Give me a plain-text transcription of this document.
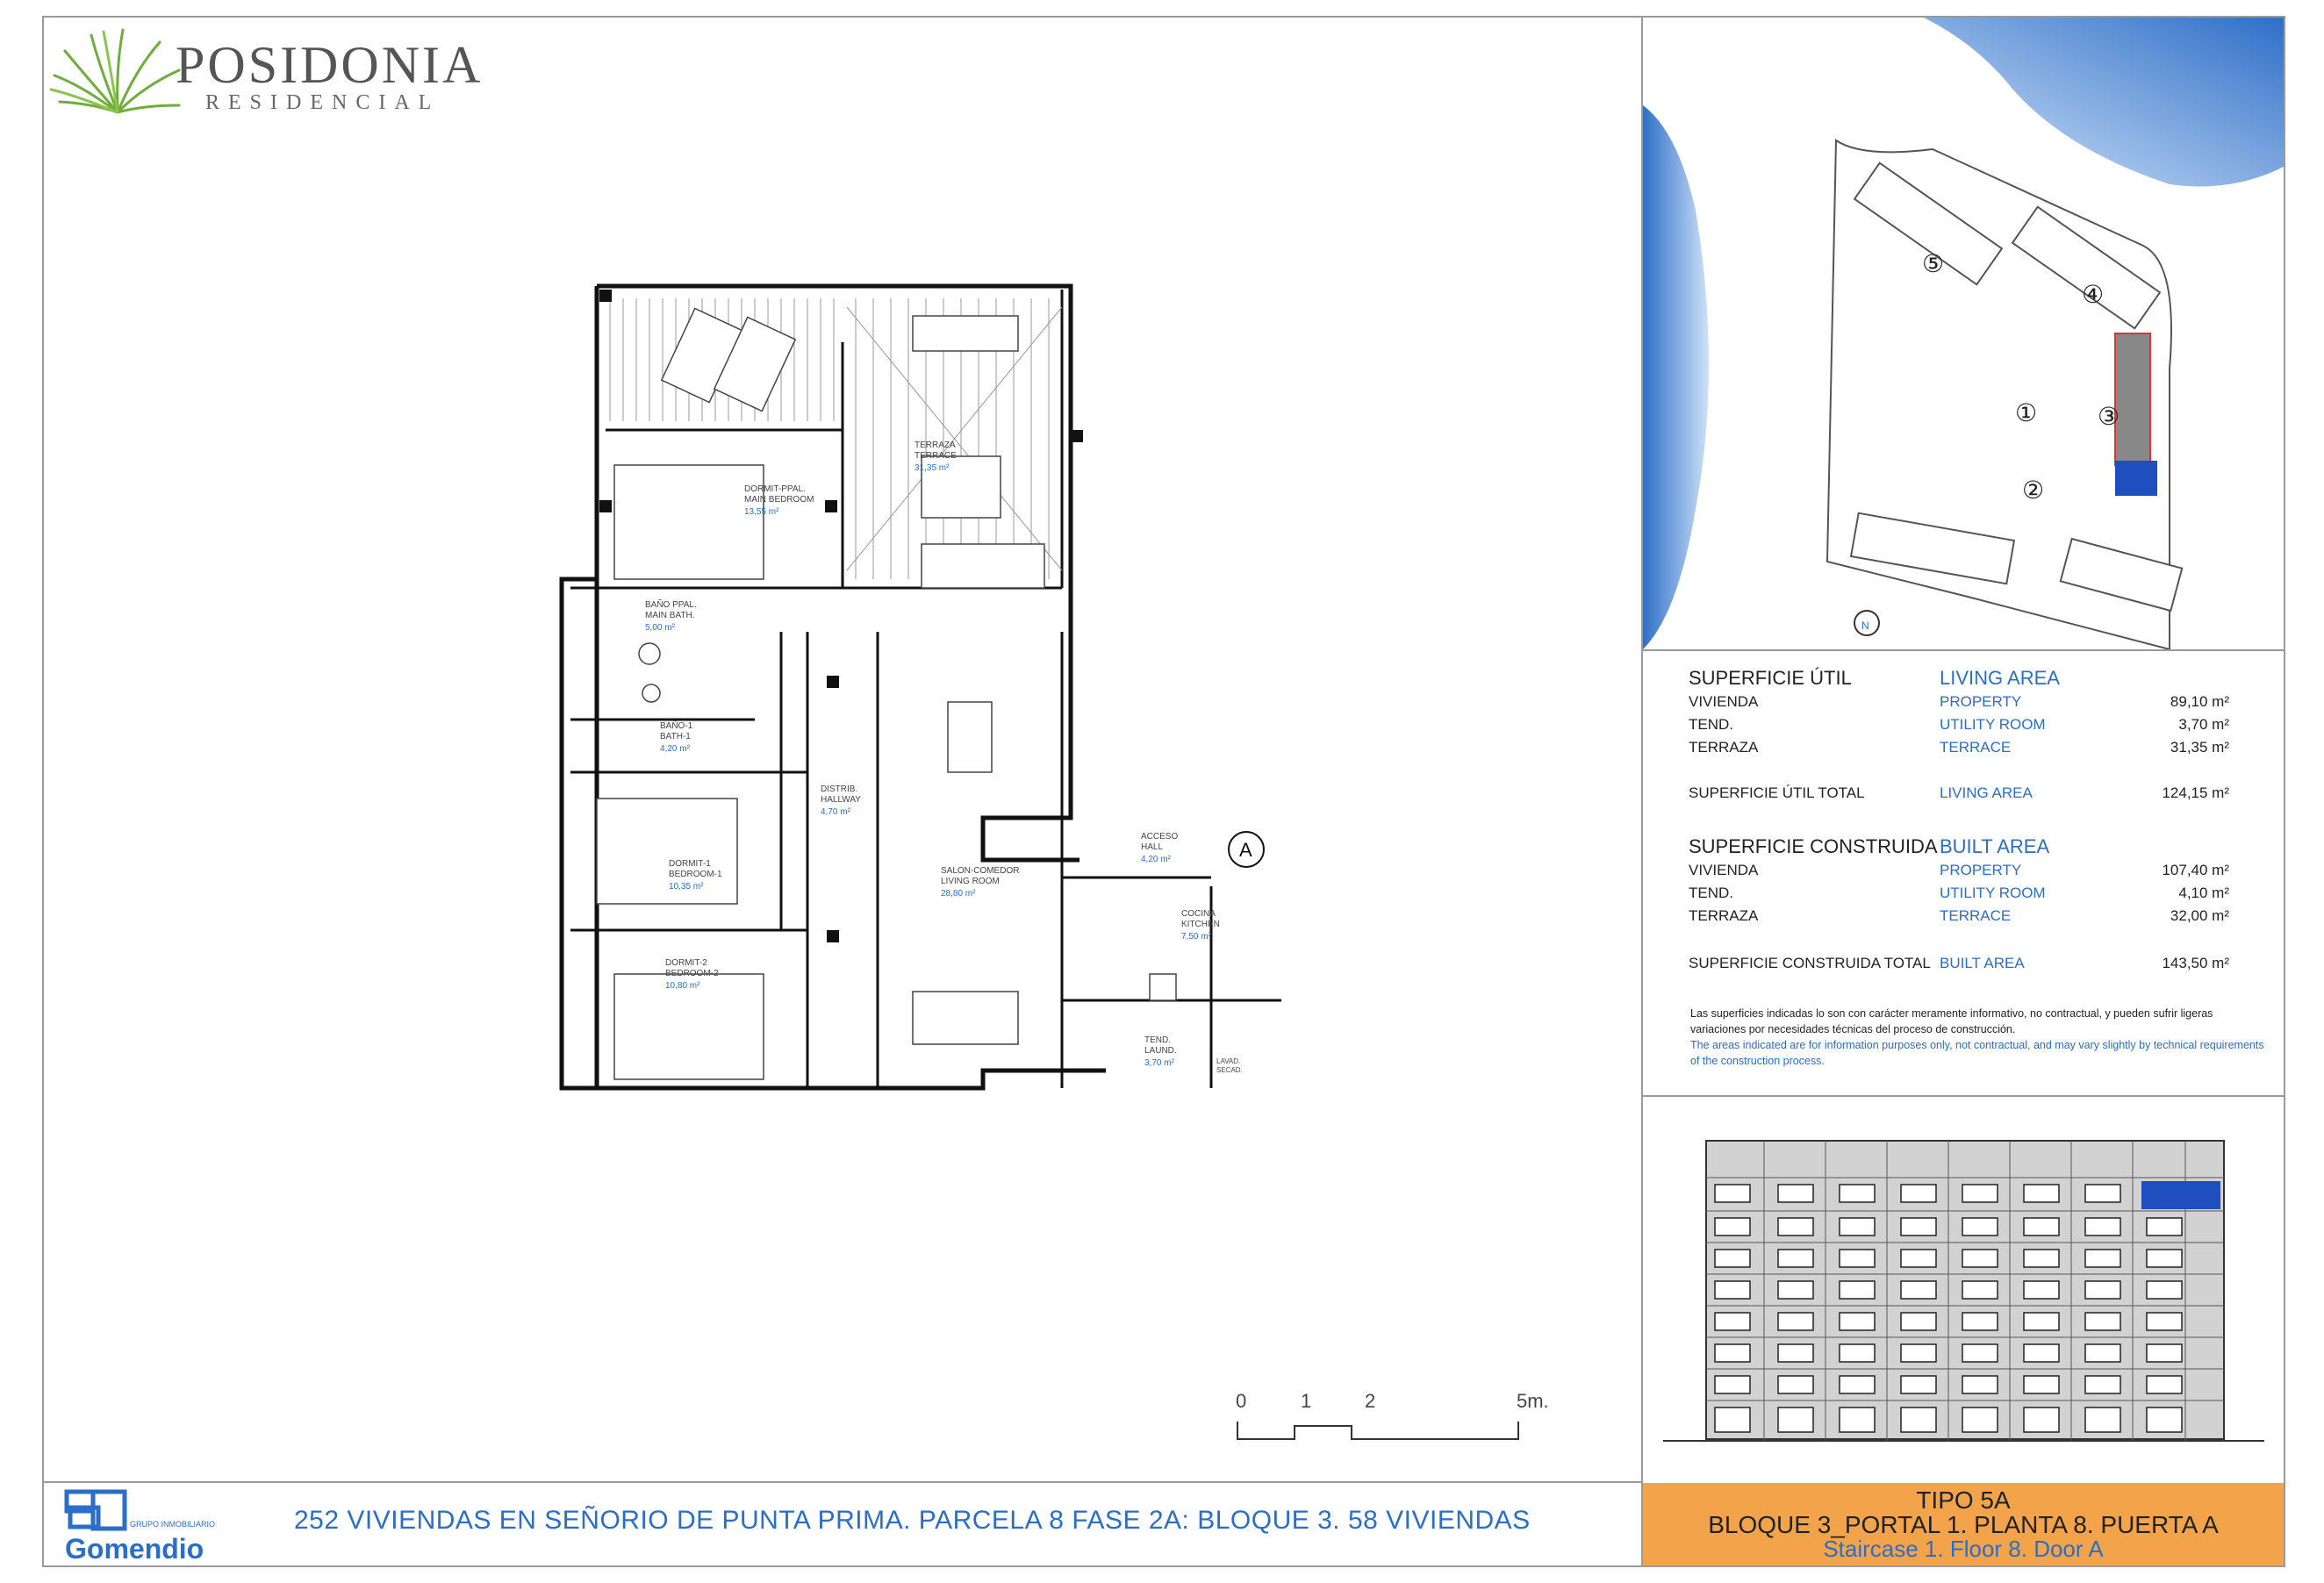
POSIDONIA
RESIDENCIAL
TERRAZA
TERRACE
31,35 m²
DORMIT-PPAL.
MAIN BEDROOM
13,55 m²
BAÑO PPAL.
MAIN BATH.
5,00 m²
BAÑO-1
BATH-1
4,20 m²
DISTRIB.
HALLWAY
4,70 m²
DORMIT-1
BEDROOM-1
10,35 m²
DORMIT-2
BEDROOM-2
10,80 m²
SALON-COMEDOR
LIVING ROOM
28,80 m²
ACCESO
HALL
4,20 m²
COCINA
KITCHEN
7,50 m²
TEND.
LAUND.
3,70 m²	LAVAD.
SECAD.
A
0	1	2	5m.
②
① ③
④
⑤
N
SUPERFICIE ÚTIL	LIVING AREA
VIVIENDA	PROPERTY	89,10 m²
TEND.	UTILITY ROOM	3,70 m²
TERRAZA	TERRACE	31,35 m²
SUPERFICIE ÚTIL TOTAL	LIVING AREA	124,15 m²
SUPERFICIE CONSTRUIDA BUILT AREA
VIVIENDA	PROPERTY	107,40 m²
TEND.	UTILITY ROOM	4,10 m²
TERRAZA	TERRACE	32,00 m²
SUPERFICIE CONSTRUIDA TOTAL BUILT AREA	143,50 m²
Las superficies indicadas lo son con carácter meramente informativo, no contractual, y pueden sufrir ligeras variaciones por necesidades técnicas del proceso de construcción.
The areas indicated are for information purposes only, not contractual, and may vary slightly by technical requirements of the construction process.
TIPO 5A
BLOQUE 3_PORTAL 1. PLANTA 8. PUERTA A
Staircase 1. Floor 8. Door A
GRUPO INMOBILIARIO
Gomendio
252 VIVIENDAS EN SEÑORIO DE PUNTA PRIMA. PARCELA 8 FASE 2A: BLOQUE 3. 58 VIVIENDAS
